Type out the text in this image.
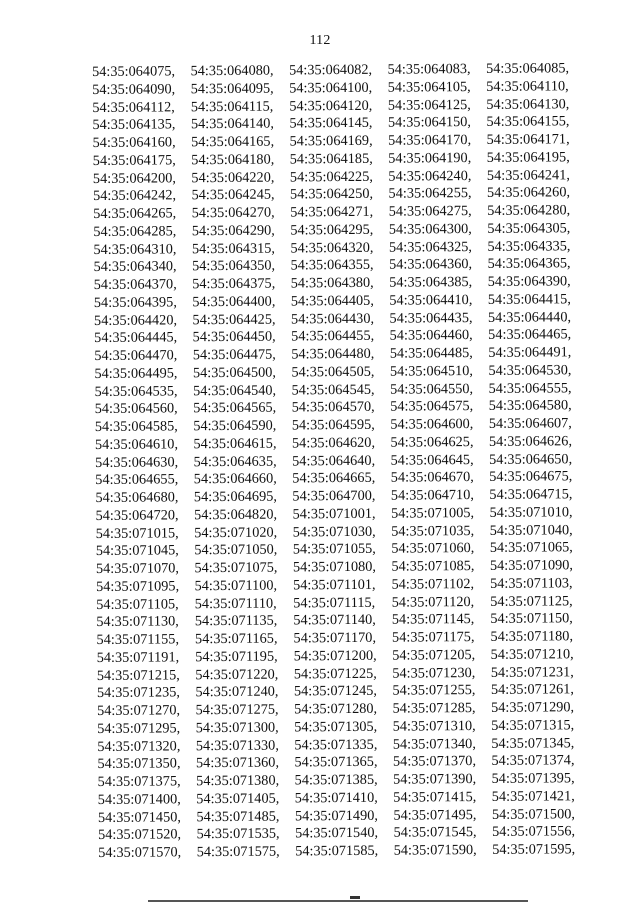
112
54:35:064075,	54:35:064080,	54:35:064082,	54:35:064083,	54:35:064085,
54:35:064090,	54:35:064095,	54:35:064100,	54:35:064105,	54:35:064110,
54:35:064112,	54:35:064115,	54:35:064120,	54:35:064125,	54:35:064130,
54:35:064135,	54:35:064140,	54:35:064145,	54:35:064150,	54:35:064155,
54:35:064160,	54:35:064165,	54:35:064169,	54:35:064170,	54:35:064171,
54:35:064175,	54:35:064180,	54:35:064185,	54:35:064190,	54:35:064195,
54:35:064200,	54:35:064220,	54:35:064225,	54:35:064240,	54:35:064241,
54:35:064242,	54:35:064245,	54:35:064250,	54:35:064255,	54:35:064260,
54:35:064265,	54:35:064270,	54:35:064271,	54:35:064275,	54:35:064280,
54:35:064285,	54:35:064290,	54:35:064295,	54:35:064300,	54:35:064305,
54:35:064310,	54:35:064315,	54:35:064320,	54:35:064325,	54:35:064335,
54:35:064340,	54:35:064350,	54:35:064355,	54:35:064360,	54:35:064365,
54:35:064370,	54:35:064375,	54:35:064380,	54:35:064385,	54:35:064390,
54:35:064395,	54:35:064400,	54:35:064405,	54:35:064410,	54:35:064415,
54:35:064420,	54:35:064425,	54:35:064430,	54:35:064435,	54:35:064440,
54:35:064445,	54:35:064450,	54:35:064455,	54:35:064460,	54:35:064465,
54:35:064470,	54:35:064475,	54:35:064480,	54:35:064485,	54:35:064491,
54:35:064495,	54:35:064500,	54:35:064505,	54:35:064510,	54:35:064530,
54:35:064535,	54:35:064540,	54:35:064545,	54:35:064550,	54:35:064555,
54:35:064560,	54:35:064565,	54:35:064570,	54:35:064575,	54:35:064580,
54:35:064585,	54:35:064590,	54:35:064595,	54:35:064600,	54:35:064607,
54:35:064610,	54:35:064615,	54:35:064620,	54:35:064625,	54:35:064626,
54:35:064630,	54:35:064635,	54:35:064640,	54:35:064645,	54:35:064650,
54:35:064655,	54:35:064660,	54:35:064665,	54:35:064670,	54:35:064675,
54:35:064680,	54:35:064695,	54:35:064700,	54:35:064710,	54:35:064715,
54:35:064720,	54:35:064820,	54:35:071001,	54:35:071005,	54:35:071010,
54:35:071015,	54:35:071020,	54:35:071030,	54:35:071035,	54:35:071040,
54:35:071045,	54:35:071050,	54:35:071055,	54:35:071060,	54:35:071065,
54:35:071070,	54:35:071075,	54:35:071080,	54:35:071085,	54:35:071090,
54:35:071095,	54:35:071100,	54:35:071101,	54:35:071102,	54:35:071103,
54:35:071105,	54:35:071110,	54:35:071115,	54:35:071120,	54:35:071125,
54:35:071130,	54:35:071135,	54:35:071140,	54:35:071145,	54:35:071150,
54:35:071155,	54:35:071165,	54:35:071170,	54:35:071175,	54:35:071180,
54:35:071191,	54:35:071195,	54:35:071200,	54:35:071205,	54:35:071210,
54:35:071215,	54:35:071220,	54:35:071225,	54:35:071230,	54:35:071231,
54:35:071235,	54:35:071240,	54:35:071245,	54:35:071255,	54:35:071261,
54:35:071270,	54:35:071275,	54:35:071280,	54:35:071285,	54:35:071290,
54:35:071295,	54:35:071300,	54:35:071305,	54:35:071310,	54:35:071315,
54:35:071320,	54:35:071330,	54:35:071335,	54:35:071340,	54:35:071345,
54:35:071350,	54:35:071360,	54:35:071365,	54:35:071370,	54:35:071374,
54:35:071375,	54:35:071380,	54:35:071385,	54:35:071390,	54:35:071395,
54:35:071400,	54:35:071405,	54:35:071410,	54:35:071415,	54:35:071421,
54:35:071450,	54:35:071485,	54:35:071490,	54:35:071495,	54:35:071500,
54:35:071520,	54:35:071535,	54:35:071540,	54:35:071545,	54:35:071556,
54:35:071570,	54:35:071575,	54:35:071585,	54:35:071590,	54:35:071595,
